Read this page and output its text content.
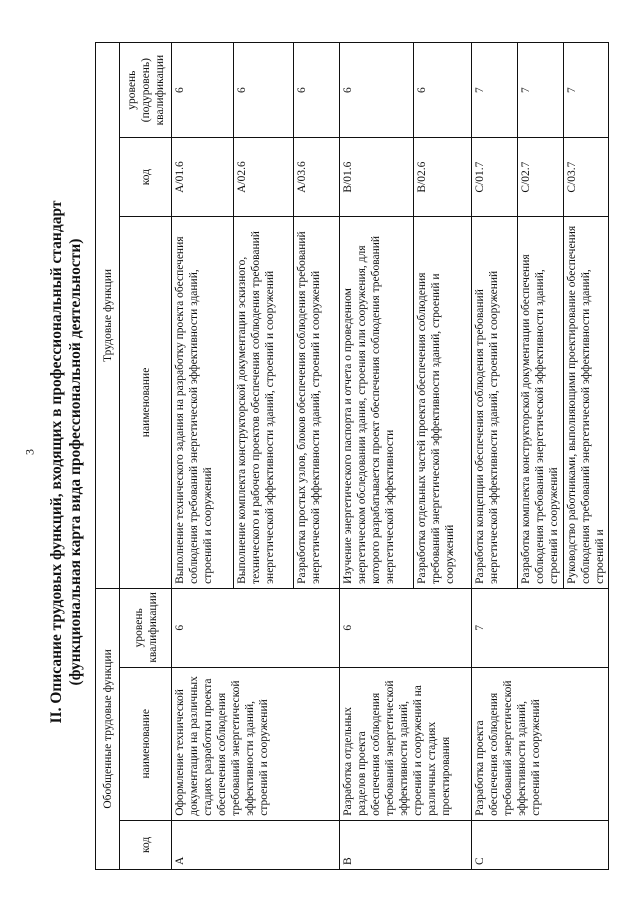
3 II. Описание трудовых функций, входящих в профессиональный стандарт (функциональная карта вида профессиональной деятельности)
Обобщенные трудовые функции			Трудовые функции		
код	наименование	уровень квалификации	наименование	код	уровень (подуровень) квалификации
A	Оформление технической документации на различных стадиях разработки проекта обеспечения соблюдения требований энергетической эффективности зданий, строений и сооружений	6	Выполнение технического задания на разработку проекта обеспечения соблюдения требований энергетической эффективности зданий, строений и сооружений	A/01.6	6
			Выполнение комплекта конструкторской документации эскизного, технического и рабочего проектов обеспечения соблюдения требований энергетической эффективности зданий, строений и сооружений	A/02.6	6
			Разработка простых узлов, блоков обеспечения соблюдения требований энергетической эффективности зданий, строений и сооружений	A/03.6	6
B	Разработка отдельных разделов проекта обеспечения соблюдения требований энергетической эффективности зданий, строений и сооружений на различных стадиях проектирования	6	Изучение энергетического паспорта и отчета о проведенном энергетическом обследовании здания, строения или сооружения, для которого разрабатывается проект обеспечения соблюдения требований энергетической эффективности	B/01.6	6
			Разработка отдельных частей проекта обеспечения соблюдения требований энергетической эффективности зданий, строений и сооружений	B/02.6	6
C	Разработка проекта обеспечения соблюдения требований энергетической эффективности зданий, строений и сооружений	7	Разработка концепции обеспечения соблюдения требований энергетической эффективности зданий, строений и сооружений	C/01.7	7
			Разработка комплекта конструкторской документации обеспечения соблюдения требований энергетической эффективности зданий, строений и сооружений	C/02.7	7
			Руководство работниками, выполняющими проектирование обеспечения соблюдения требований энергетической эффективности зданий, строений и	C/03.7	7
